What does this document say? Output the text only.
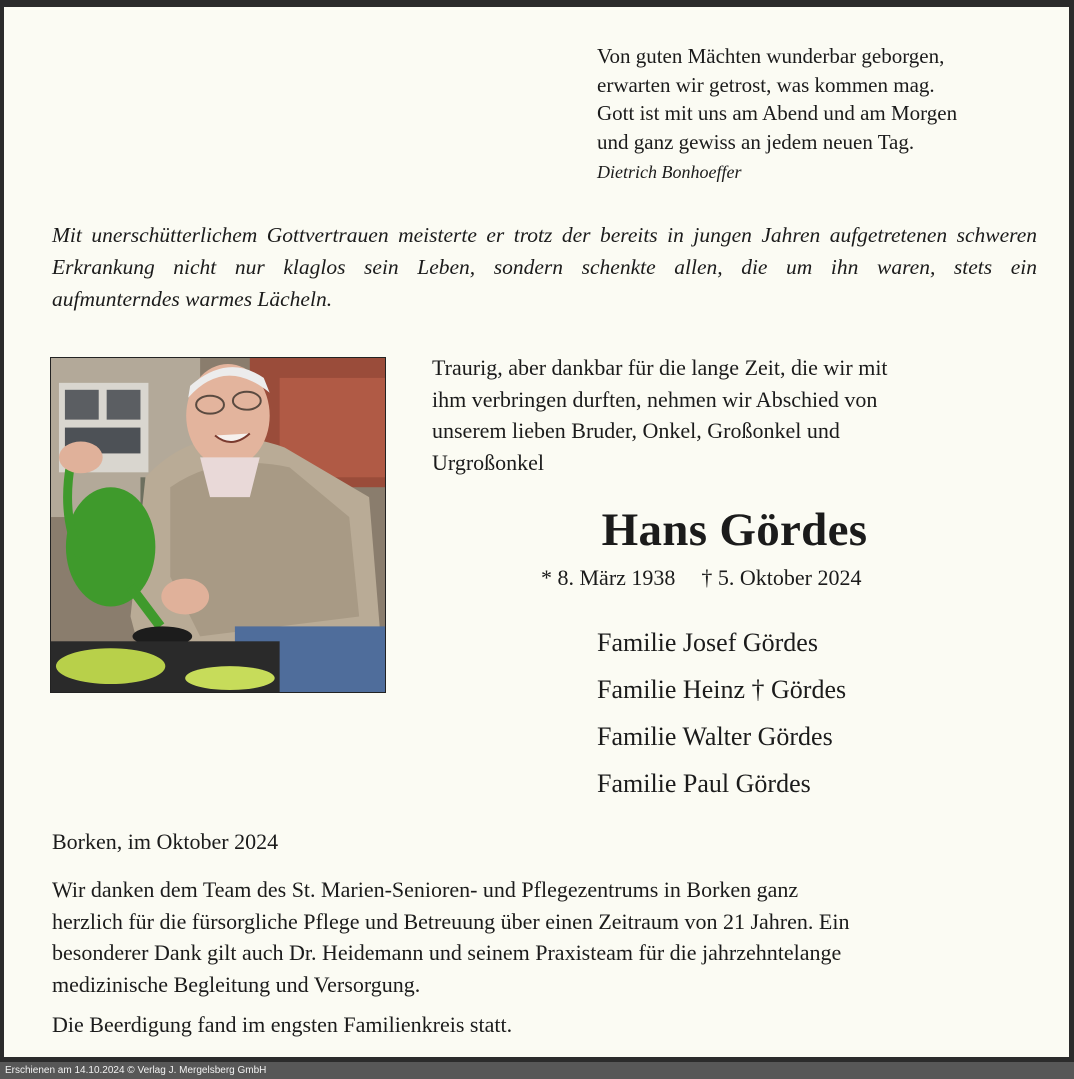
Von guten Mächten wunderbar geborgen,
erwarten wir getrost, was kommen mag.
Gott ist mit uns am Abend und am Morgen
und ganz gewiss an jedem neuen Tag.
Dietrich Bonhoeffer
Mit unerschütterlichem Gottvertrauen meisterte er trotz der bereits in jungen Jahren aufgetretenen schweren
Erkrankung nicht nur klaglos sein Leben, sondern schenkte allen, die um ihn waren, stets ein
aufmunterndes warmes Lächeln.
Traurig, aber dankbar für die lange Zeit, die wir mit
ihm verbringen durften, nehmen wir Abschied von
unserem lieben Bruder, Onkel, Großonkel und
Urgroßonkel
Hans Gördes
* 8. März 1938 † 5. Oktober 2024
Familie Josef Gördes
Familie Heinz † Gördes
Familie Walter Gördes
Familie Paul Gördes
Borken, im Oktober 2024
Wir danken dem Team des St. Marien-Senioren- und Pflegezentrums in Borken ganz
herzlich für die fürsorgliche Pflege und Betreuung über einen Zeitraum von 21 Jahren. Ein
besonderer Dank gilt auch Dr. Heidemann und seinem Praxisteam für die jahrzehntelange
medizinische Begleitung und Versorgung.
Die Beerdigung fand im engsten Familienkreis statt.
Erschienen am 14.10.2024 © Verlag J. Mergelsberg GmbH
